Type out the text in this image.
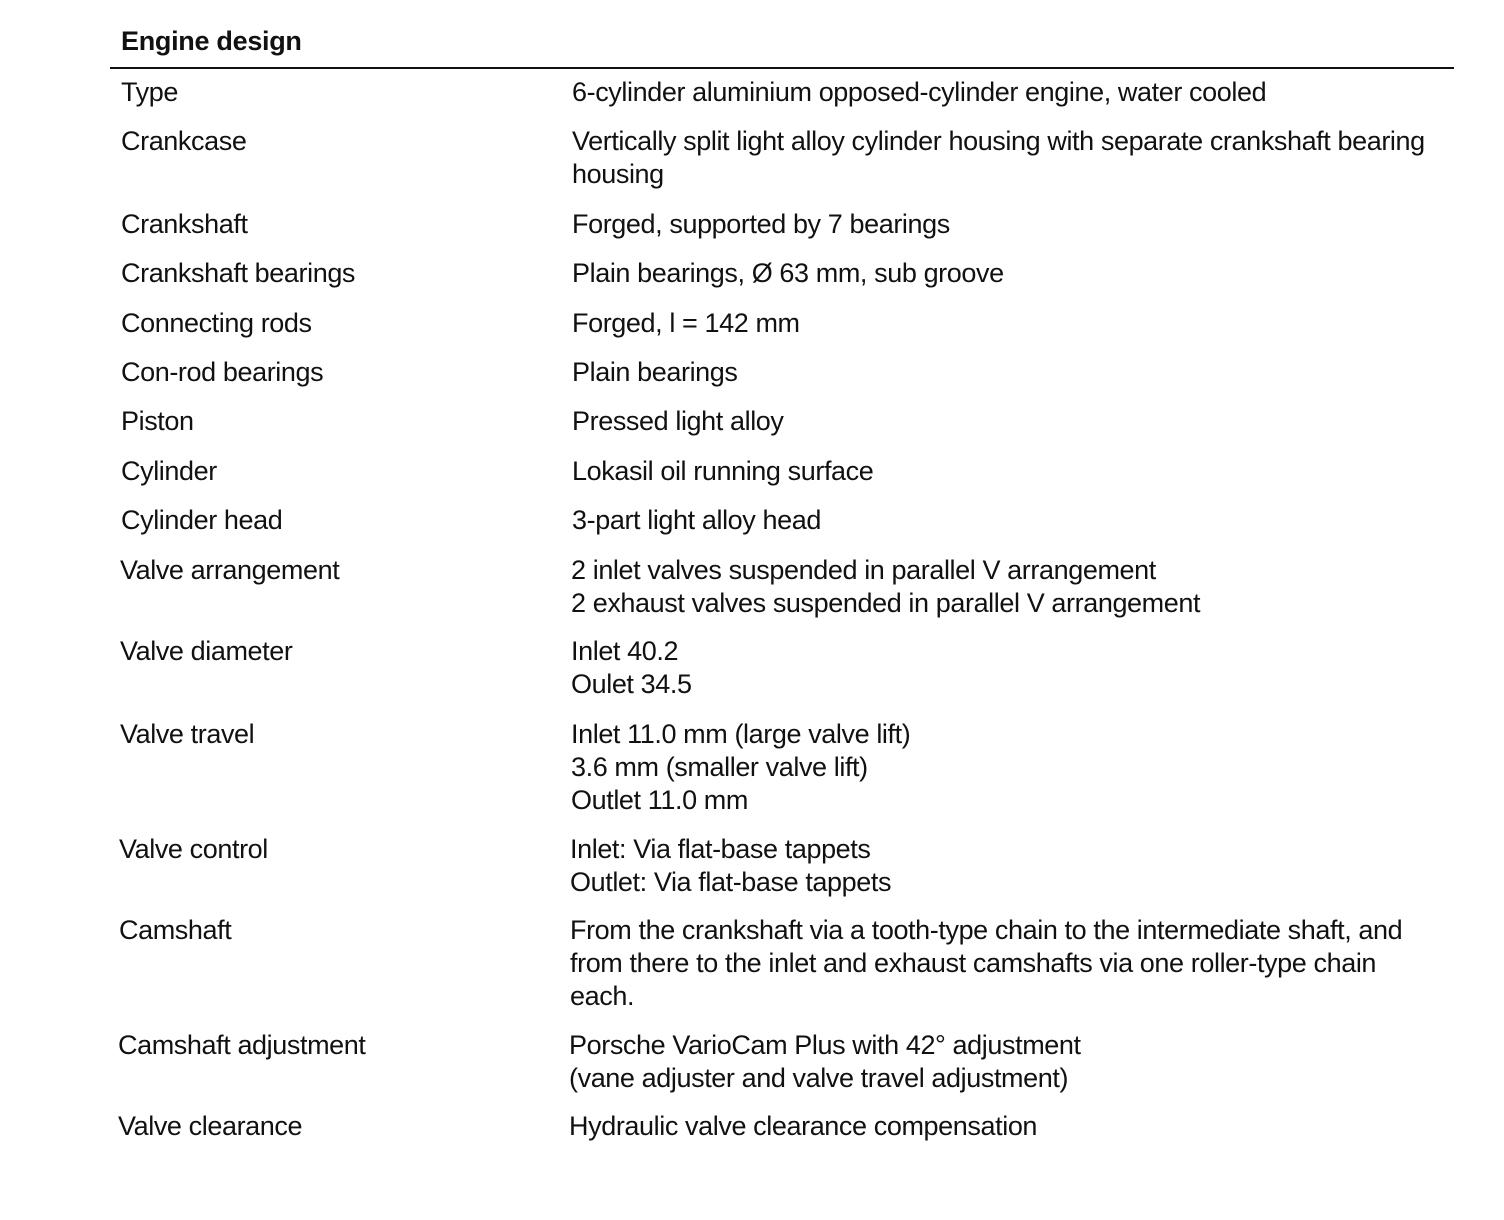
Engine design
Type	6-cylinder aluminium opposed-cylinder engine, water cooled
Crankcase	Vertically split light alloy cylinder housing with separate crankshaft bearing
housing
Crankshaft	Forged, supported by 7 bearings
Crankshaft bearings	Plain bearings, Ø 63 mm, sub groove
Connecting rods	Forged, l = 142 mm
Con-rod bearings	Plain bearings
Piston	Pressed light alloy
Cylinder	Lokasil oil running surface
Cylinder head	3-part light alloy head
Valve arrangement	2 inlet valves suspended in parallel V arrangement
2 exhaust valves suspended in parallel V arrangement
Valve diameter	Inlet 40.2
Oulet 34.5
Valve travel	Inlet 11.0 mm (large valve lift)
3.6 mm (smaller valve lift)
Outlet 11.0 mm
Valve control	Inlet: Via flat-base tappets
Outlet: Via flat-base tappets
Camshaft	From the crankshaft via a tooth-type chain to the intermediate shaft, and
from there to the inlet and exhaust camshafts via one roller-type chain
each.
Camshaft adjustment	Porsche VarioCam Plus with 42° adjustment
(vane adjuster and valve travel adjustment)
Valve clearance	Hydraulic valve clearance compensation
